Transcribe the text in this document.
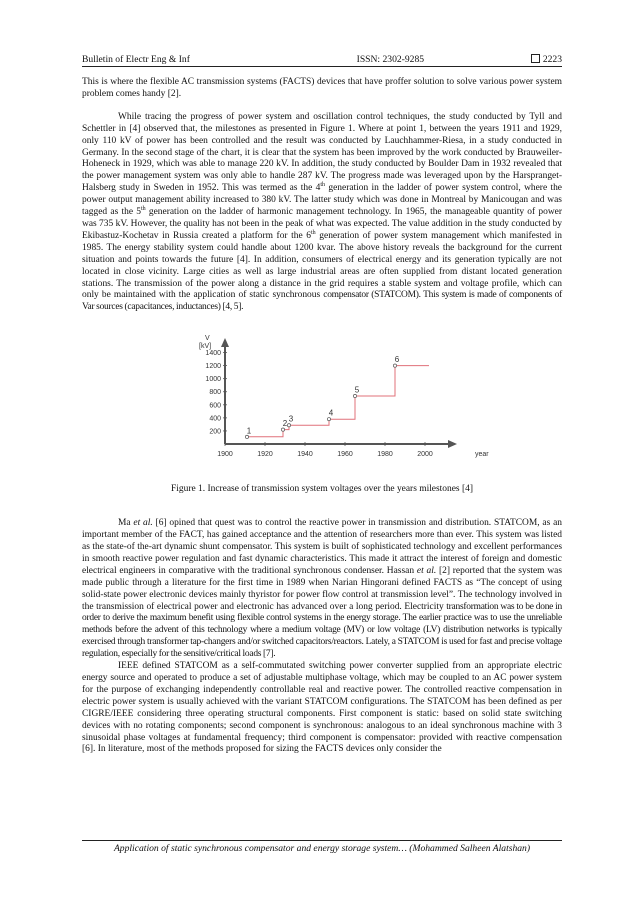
Bulletin of Electr Eng & Inf	ISSN: 2302-9285	2223

This is where the flexible AC transmission systems (FACTS) devices that have proffer solution to solve various power system problem comes handy [2].

While tracing the progress of power system and oscillation control techniques, the study conducted by Tyll and Schettler in [4] observed that, the milestones as presented in Figure 1. Where at point 1, between the years 1911 and 1929, only 110 kV of power has been controlled and the result was conducted by Lauchhammer-Riesa, in a study conducted in Germany. In the second stage of the chart, it is clear that the system has been improved by the work conducted by Brauweiler-Hoheneck in 1929, which was able to manage 220 kV. In addition, the study conducted by Boulder Dam in 1932 revealed that the power management system was only able to handle 287 kV. The progress made was leveraged upon by the Harspranget-Halsberg study in Sweden in 1952. This was termed as the 4th generation in the ladder of power system control, where the power output management ability increased to 380 kV. The latter study which was done in Montreal by Manicougan and was tagged as the 5th generation on the ladder of harmonic management technology. In 1965, the manageable quantity of power was 735 kV. However, the quality has not been in the peak of what was expected. The value addition in the study conducted by Ekibastuz-Kochetav in Russia created a platform for the 6th generation of power system management which manifested in 1985. The energy stability system could handle about 1200 kvar. The above history reveals the background for the current situation and points towards the future [4]. In addition, consumers of electrical energy and its generation typically are not located in close vicinity. Large cities as well as large industrial areas are often supplied from distant located generation stations. The transmission of the power along a distance in the grid requires a stable system and voltage profile, which can only be maintained with the application of static synchronous compensator (STATCOM). This system is made of components of Var sources (capacitances, inductances) [4, 5].

V
[kV]
year
200
400
600
800
1000
1200
1400
1900	1920	1940	1960	1980	2000
1
2 3
4
5
6
Figure 1. Increase of transmission system voltages over the years milestones [4]

Ma et al. [6] opined that quest was to control the reactive power in transmission and distribution. STATCOM, as an important member of the FACT, has gained acceptance and the attention of researchers more than ever. This system was listed as the state-of the-art dynamic shunt compensator. This system is built of sophisticated technology and excellent performances in smooth reactive power regulation and fast dynamic characteristics. This made it attract the interest of foreign and domestic electrical engineers in comparative with the traditional synchronous condenser. Hassan et al. [2] reported that the system was made public through a literature for the first time in 1989 when Narian Hingorani defined FACTS as “The concept of using solid-state power electronic devices mainly thyristor for power flow control at transmission level”. The technology involved in the transmission of electrical power and electronic has advanced over a long period. Electricity transformation was to be done in order to derive the maximum benefit using flexible control systems in the energy storage. The earlier practice was to use the unreliable methods before the advent of this technology where a medium voltage (MV) or low voltage (LV) distribution networks is typically exercised through transformer tap-changers and/or switched capacitors/reactors. Lately, a STATCOM is used for fast and precise voltage regulation, especially for the sensitive/critical loads [7].

IEEE defined STATCOM as a self-commutated switching power converter supplied from an appropriate electric energy source and operated to produce a set of adjustable multiphase voltage, which may be coupled to an AC power system for the purpose of exchanging independently controllable real and reactive power. The controlled reactive compensation in electric power system is usually achieved with the variant STATCOM configurations. The STATCOM has been defined as per CIGRE/IEEE considering three operating structural components. First component is static: based on solid state switching devices with no rotating components; second component is synchronous: analogous to an ideal synchronous machine with 3 sinusoidal phase voltages at fundamental frequency; third component is compensator: provided with reactive compensation [6]. In literature, most of the methods proposed for sizing the FACTS devices only consider the

Application of static synchronous compensator and energy storage system… (Mohammed Salheen Alatshan)
